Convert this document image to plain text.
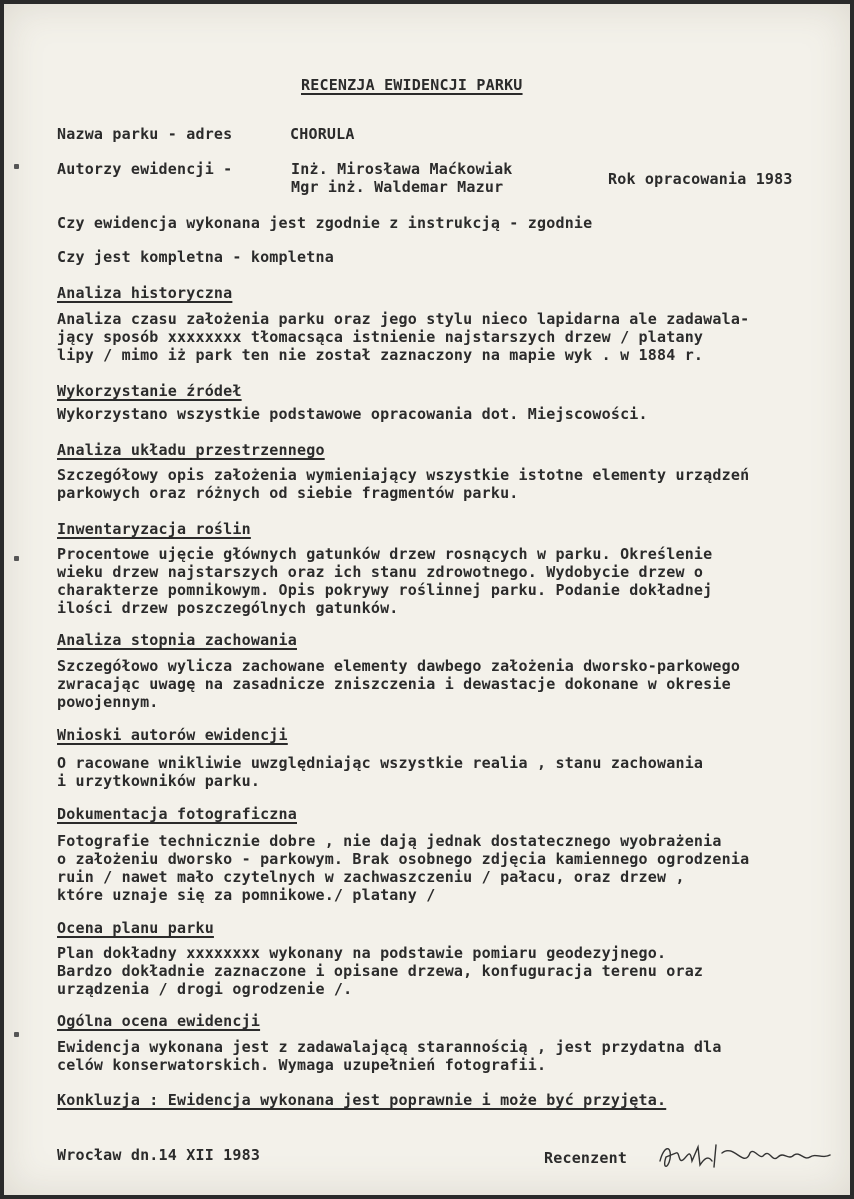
RECENZJA EWIDENCJI PARKU
Nazwa parku - adres	CHORULA
Autorzy ewidencji -	Inż. Mirosława Maćkowiak
Mgr inż. Waldemar Mazur	Rok opracowania 1983
Czy ewidencja wykonana jest zgodnie z instrukcją - zgodnie
Czy jest kompletna - kompletna
Analiza historyczna
Analiza czasu założenia parku oraz jego stylu nieco lapidarna ale zadawala-
jący sposób xxxxxxxx tłomacsąca istnienie najstarszych drzew / platany
lipy / mimo iż park ten nie został zaznaczony na mapie wyk . w 1884 r.
Wykorzystanie źródeł
Wykorzystano wszystkie podstawowe opracowania dot. Miejscowości.
Analiza układu przestrzennego
Szczegółowy opis założenia wymieniający wszystkie istotne elementy urządzeń
parkowych oraz różnych od siebie fragmentów parku.
Inwentaryzacja roślin
Procentowe ujęcie głównych gatunków drzew rosnących w parku. Określenie
wieku drzew najstarszych oraz ich stanu zdrowotnego. Wydobycie drzew o
charakterze pomnikowym. Opis pokrywy roślinnej parku. Podanie dokładnej
ilości drzew poszczególnych gatunków.
Analiza stopnia zachowania
Szczegółowo wylicza zachowane elementy dawbego założenia dworsko-parkowego
zwracając uwagę na zasadnicze zniszczenia i dewastacje dokonane w okresie
powojennym.
Wnioski autorów ewidencji
O racowane wnikliwie uwzględniając wszystkie realia , stanu zachowania
i urzytkowników parku.
Dokumentacja fotograficzna
Fotografie technicznie dobre , nie dają jednak dostatecznego wyobrażenia
o założeniu dworsko - parkowym. Brak osobnego zdjęcia kamiennego ogrodzenia
ruin / nawet mało czytelnych w zachwaszczeniu / pałacu, oraz drzew ,
które uznaje się za pomnikowe./ platany /
Ocena planu parku
Plan dokładny xxxxxxxx wykonany na podstawie pomiaru geodezyjnego.
Bardzo dokładnie zaznaczone i opisane drzewa, konfuguracja terenu oraz
urządzenia / drogi ogrodzenie /.
Ogólna ocena ewidencji
Ewidencja wykonana jest z zadawalającą starannością , jest przydatna dla
celów konserwatorskich. Wymaga uzupełnień fotografii.
Konkluzja : Ewidencja wykonana jest poprawnie i może być przyjęta.
Wrocław dn.14 XII 1983	Recenzent
